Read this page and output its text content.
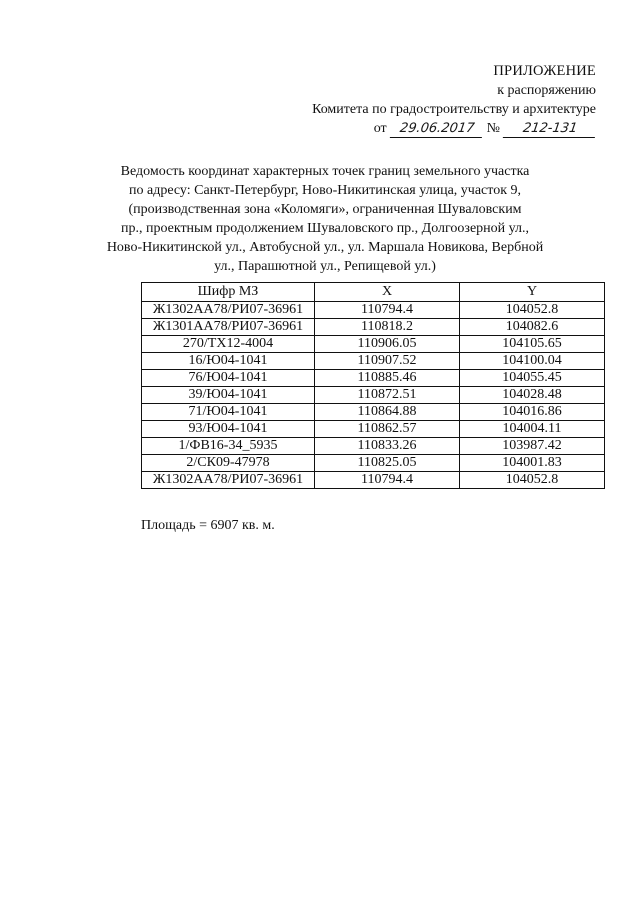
ПРИЛОЖЕНИЕ
к распоряжению
Комитета по градостроительству и архитектуре
от 29.06.2017 №	212-131
Ведомость координат характерных точек границ земельного участка
по адресу: Санкт-Петербург, Ново-Никитинская улица, участок 9,
(производственная зона «Коломяги», ограниченная Шуваловским
пр., проектным продолжением Шуваловского пр., Долгоозерной ул.,
Ново-Никитинской ул., Автобусной ул., ул. Маршала Новикова, Вербной
ул., Парашютной ул., Репищевой ул.)
Шифр МЗ	X	Y
Ж1302АА78/РИ07-36961	110794.4	104052.8
Ж1301АА78/РИ07-36961	110818.2	104082.6
270/ТХ12-4004	110906.05	104105.65
16/Ю04-1041	110907.52	104100.04
76/Ю04-1041	110885.46	104055.45
39/Ю04-1041	110872.51	104028.48
71/Ю04-1041	110864.88	104016.86
93/Ю04-1041	110862.57	104004.11
1/ФВ16-34_5935	110833.26	103987.42
2/СК09-47978	110825.05	104001.83
Ж1302АА78/РИ07-36961	110794.4	104052.8
Площадь = 6907 кв. м.
